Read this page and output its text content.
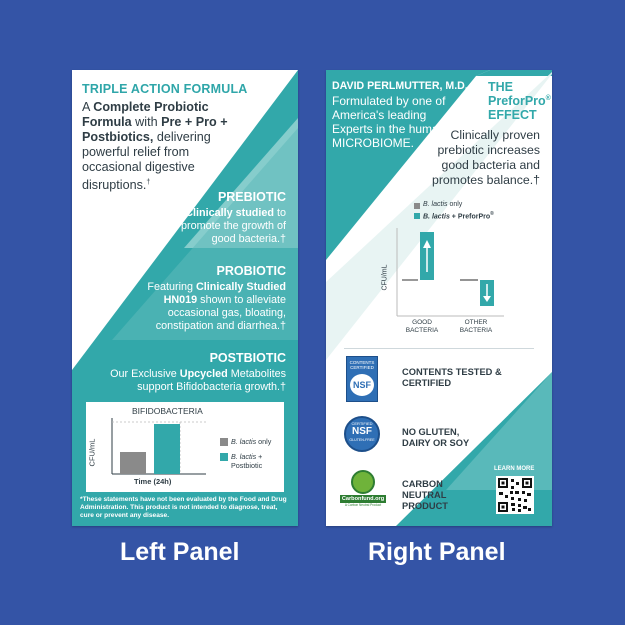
TRIPLE ACTION FORMULA
A Complete Probiotic Formula with Pre + Pro + Postbiotics, delivering powerful relief from occasional digestive disruptions.†
PREBIOTIC
Clinically studied to promote the growth of good bacteria.†
PROBIOTIC
Featuring Clinically Studied HN019 shown to alleviate occasional gas, bloating, constipation and diarrhea.†
POSTBIOTIC
Our Exclusive Upcycled Metabolites support Bifidobacteria growth.†
BIFIDOBACTERIA
CFU/mL
Time (24h)
B. lactis only
B. lactis + Postbiotic
*These statements have not been evaluated by the Food and Drug Administration. This product is not intended to diagnose, treat, cure or prevent any disease.
DAVID PERLMUTTER, M.D.
Formulated by one of America's leading Experts in the human MICROBIOME.
THE
PreforPro®
EFFECT
Clinically proven prebiotic increases good bacteria and promotes balance.†
B. lactis only
B. lactis + PreforPro®
CFU/mL
GOOD BACTERIA
OTHER BACTERIA
CONTENTS
CERTIFIED
NSF
CONTENTS TESTED & CERTIFIED
CERTIFIED
NSF
GLUTEN-FREE
NO GLUTEN, DAIRY OR SOY
Carbonfund.org
A Carbon Neutral Product
CARBON NEUTRAL PRODUCT
LEARN MORE
Left Panel	Right Panel
